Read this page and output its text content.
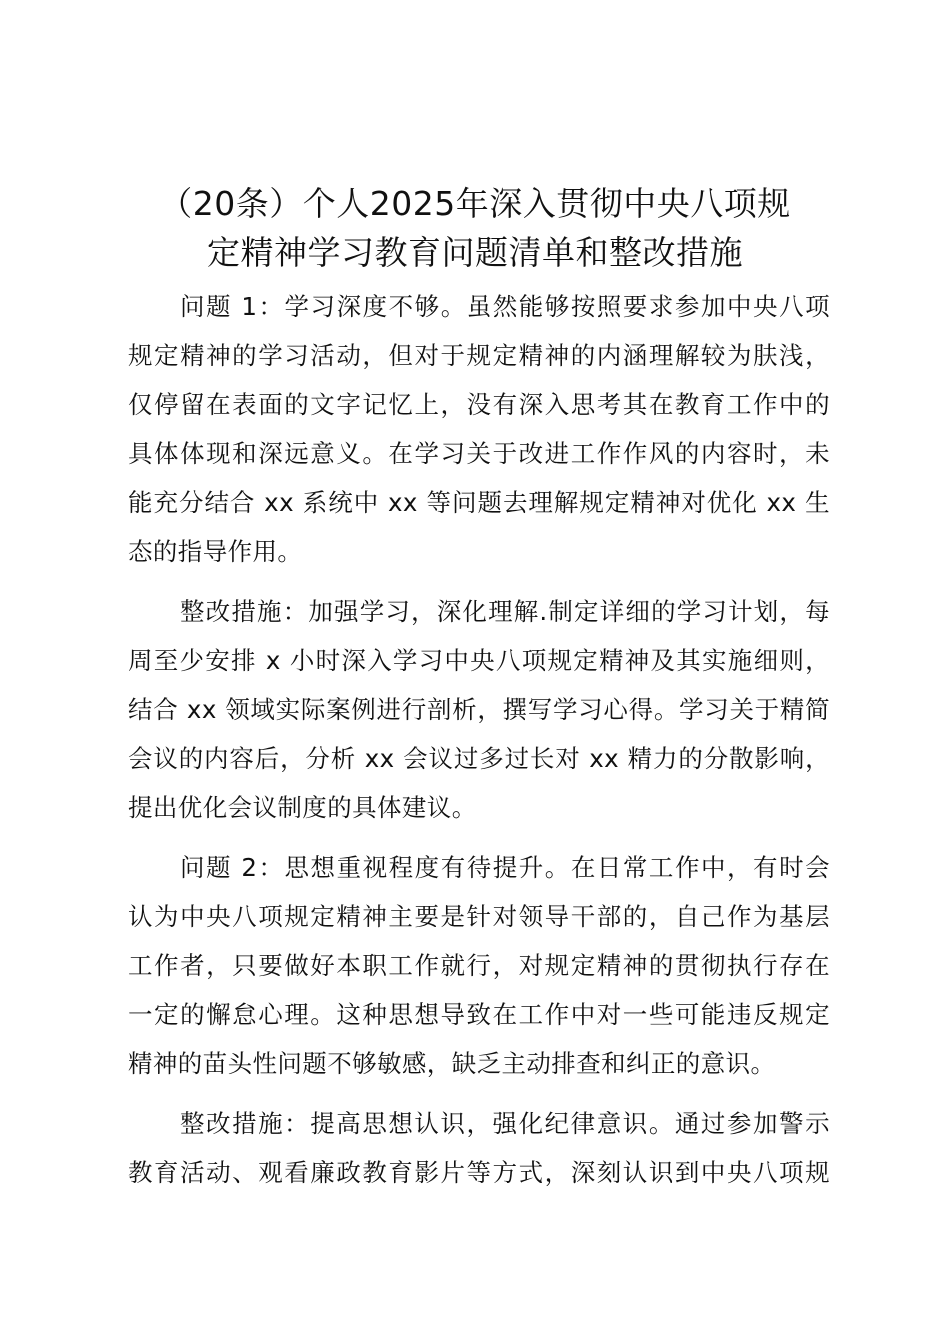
（20条）个人2025年深入贯彻中央八项规
定精神学习教育问题清单和整改措施

问题 1：学习深度不够。虽然能够按照要求参加中央八项
规定精神的学习活动，但对于规定精神的内涵理解较为肤浅，
仅停留在表面的文字记忆上，没有深入思考其在教育工作中的
具体体现和深远意义。在学习关于改进工作作风的内容时，未
能充分结合 xx 系统中 xx 等问题去理解规定精神对优化 xx 生
态的指导作用。

整改措施：加强学习，深化理解.制定详细的学习计划，每
周至少安排 x 小时深入学习中央八项规定精神及其实施细则，
结合 xx 领域实际案例进行剖析，撰写学习心得。学习关于精简
会议的内容后，分析 xx 会议过多过长对 xx 精力的分散影响，
提出优化会议制度的具体建议。

问题 2：思想重视程度有待提升。在日常工作中，有时会
认为中央八项规定精神主要是针对领导干部的，自己作为基层
工作者，只要做好本职工作就行，对规定精神的贯彻执行存在
一定的懈怠心理。这种思想导致在工作中对一些可能违反规定
精神的苗头性问题不够敏感，缺乏主动排查和纠正的意识。

整改措施：提高思想认识，强化纪律意识。通过参加警示
教育活动、观看廉政教育影片等方式，深刻认识到中央八项规
